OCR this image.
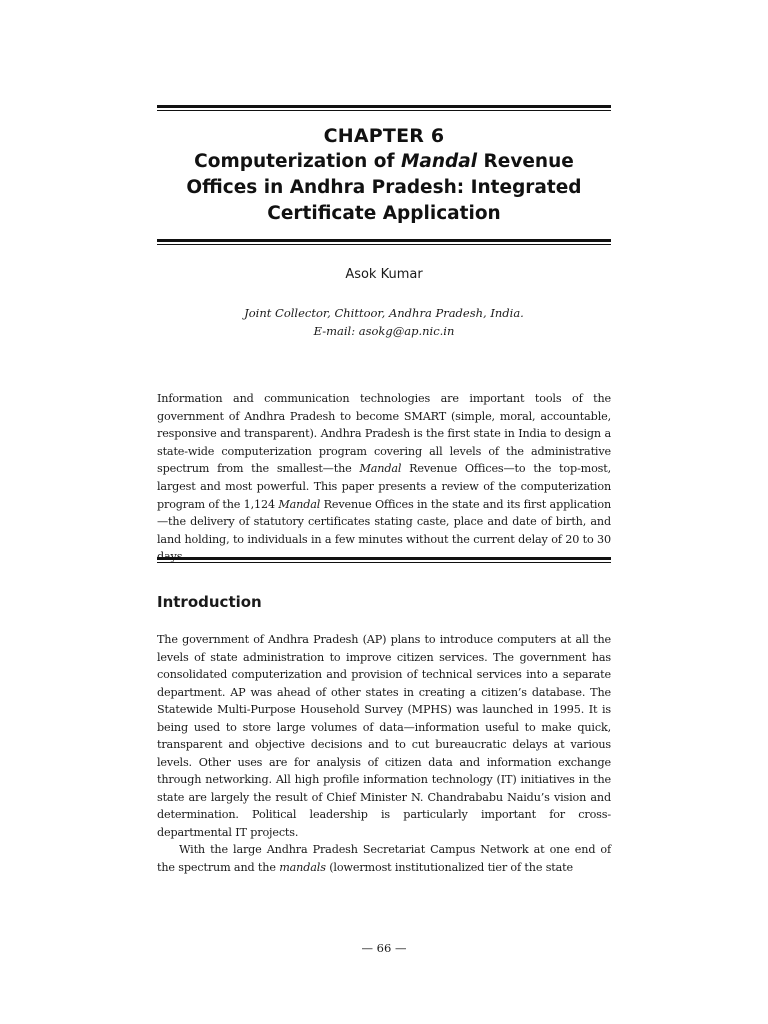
CHAPTER 6
Computerization of Mandal Revenue Offices in Andhra Pradesh: Integrated Certificate Application
Asok Kumar
Joint Collector, Chittoor, Andhra Pradesh, India.
E-mail: asokg@ap.nic.in
Information and communication technologies are important tools of the government of Andhra Pradesh to become SMART (simple, moral, accountable, responsive and transparent). Andhra Pradesh is the first state in India to design a state-wide computerization program covering all levels of the administrative spectrum from the smallest—the Mandal Revenue Offices—to the top-most, largest and most powerful. This paper presents a review of the computerization program of the 1,124 Mandal Revenue Offices in the state and its first application—the delivery of statutory certificates stating caste, place and date of birth, and land holding, to individuals in a few minutes without the current delay of 20 to 30 days.
Introduction

The government of Andhra Pradesh (AP) plans to introduce computers at all the levels of state administration to improve citizen services. The government has consolidated computerization and provision of technical services into a separate department. AP was ahead of other states in creating a citizen’s database. The Statewide Multi-Purpose Household Survey (MPHS) was launched in 1995. It is being used to store large volumes of data—information useful to make quick, transparent and objective decisions and to cut bureaucratic delays at various levels. Other uses are for analysis of citizen data and information exchange through networking. All high profile information technology (IT) initiatives in the state are largely the result of Chief Minister N. Chandrababu Naidu’s vision and determination. Political leadership is particularly important for cross-departmental IT projects.

With the large Andhra Pradesh Secretariat Campus Network at one end of the spectrum and the mandals (lowermost institutionalized tier of the state

— 66 —
